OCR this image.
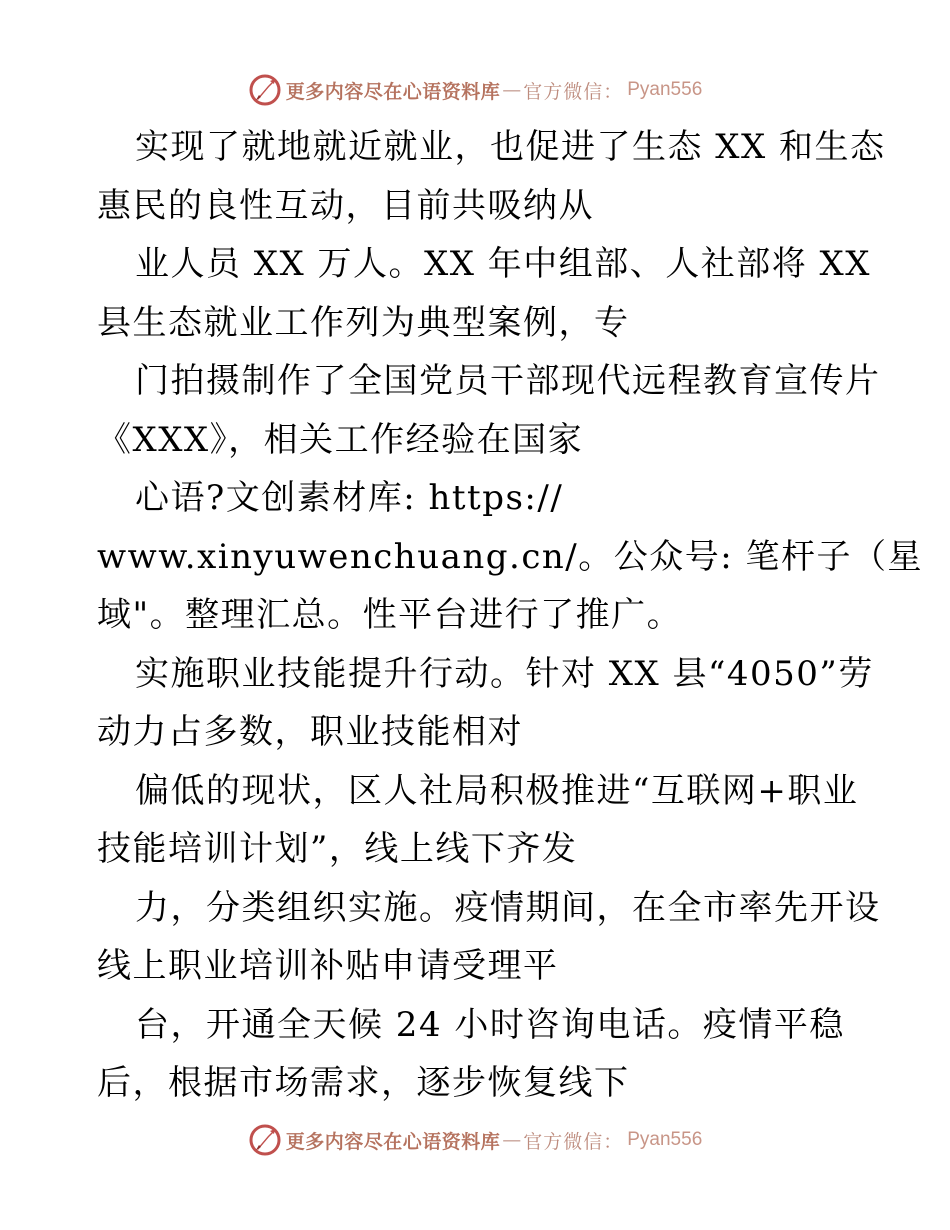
更多内容尽在心语资料库 — 官方微信： Pyan556
实现了就地就近就业，也促进了生态 XX 和生态
惠民的良性互动，目前共吸纳从
业人员 XX 万人。XX 年中组部、人社部将 XX
县生态就业工作列为典型案例，专
门拍摄制作了全国党员干部现代远程教育宣传片
《XXX》，相关工作经验在国家
心语?文创素材库: https://
www.xinyuwenchuang.cn/。公众号: 笔杆子（星
域"。整理汇总。性平台进行了推广。
实施职业技能提升行动。针对 XX 县“4050”劳
动力占多数，职业技能相对
偏低的现状，区人社局积极推进“互联网+职业
技能培训计划”，线上线下齐发
力，分类组织实施。疫情期间，在全市率先开设
线上职业培训补贴申请受理平
台，开通全天候 24 小时咨询电话。疫情平稳
后，根据市场需求，逐步恢复线下
更多内容尽在心语资料库 — 官方微信： Pyan556
